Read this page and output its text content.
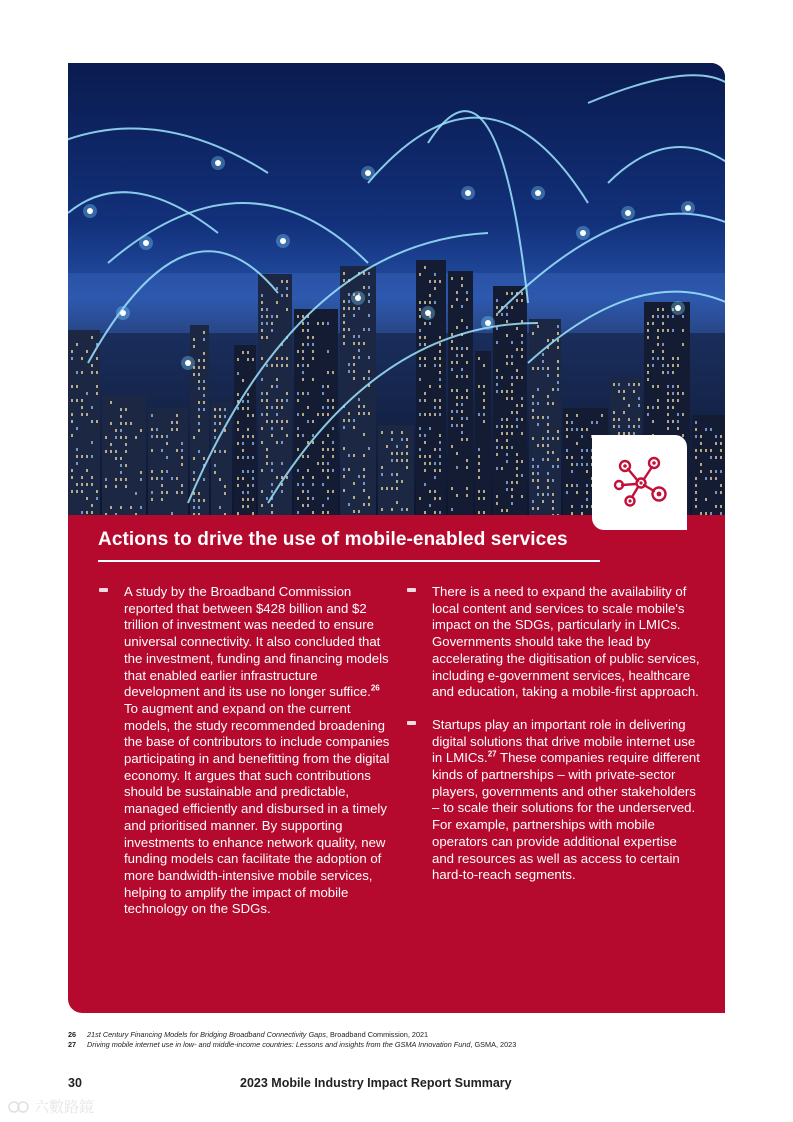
Actions to drive the use of mobile-enabled services

A study by the Broadband Commission reported that between $428 billion and $2 trillion of investment was needed to ensure universal connectivity. It also concluded that the investment, funding and financing models that enabled earlier infrastructure development and its use no longer suffice.$^{26}$ To augment and expand on the current models, the study recommended broadening the base of contributors to include companies participating in and benefitting from the digital economy. It argues that such contributions should be sustainable and predictable, managed efficiently and disbursed in a timely and prioritised manner. By supporting investments to enhance network quality, new funding models can facilitate the adoption of more bandwidth-intensive mobile services, helping to amplify the impact of mobile technology on the SDGs.

There is a need to expand the availability of local content and services to scale mobile's impact on the SDGs, particularly in LMICs. Governments should take the lead by accelerating the digitisation of public services, including e-government services, healthcare and education, taking a mobile-first approach.

Startups play an important role in delivering digital solutions that drive mobile internet use in LMICs.$^{27}$ These companies require different kinds of partnerships – with private-sector players, governments and other stakeholders – to scale their solutions for the underserved. For example, partnerships with mobile operators can provide additional expertise and resources as well as access to certain hard-to-reach segments.

26 21st Century Financing Models for Bridging Broadband Connectivity Gaps, Broadband Commission, 2021
27 Driving mobile internet use in low- and middle-income countries: Lessons and insights from the GSMA Innovation Fund, GSMA, 2023
30	2023 Mobile Industry Impact Report Summary
六數路鏡
